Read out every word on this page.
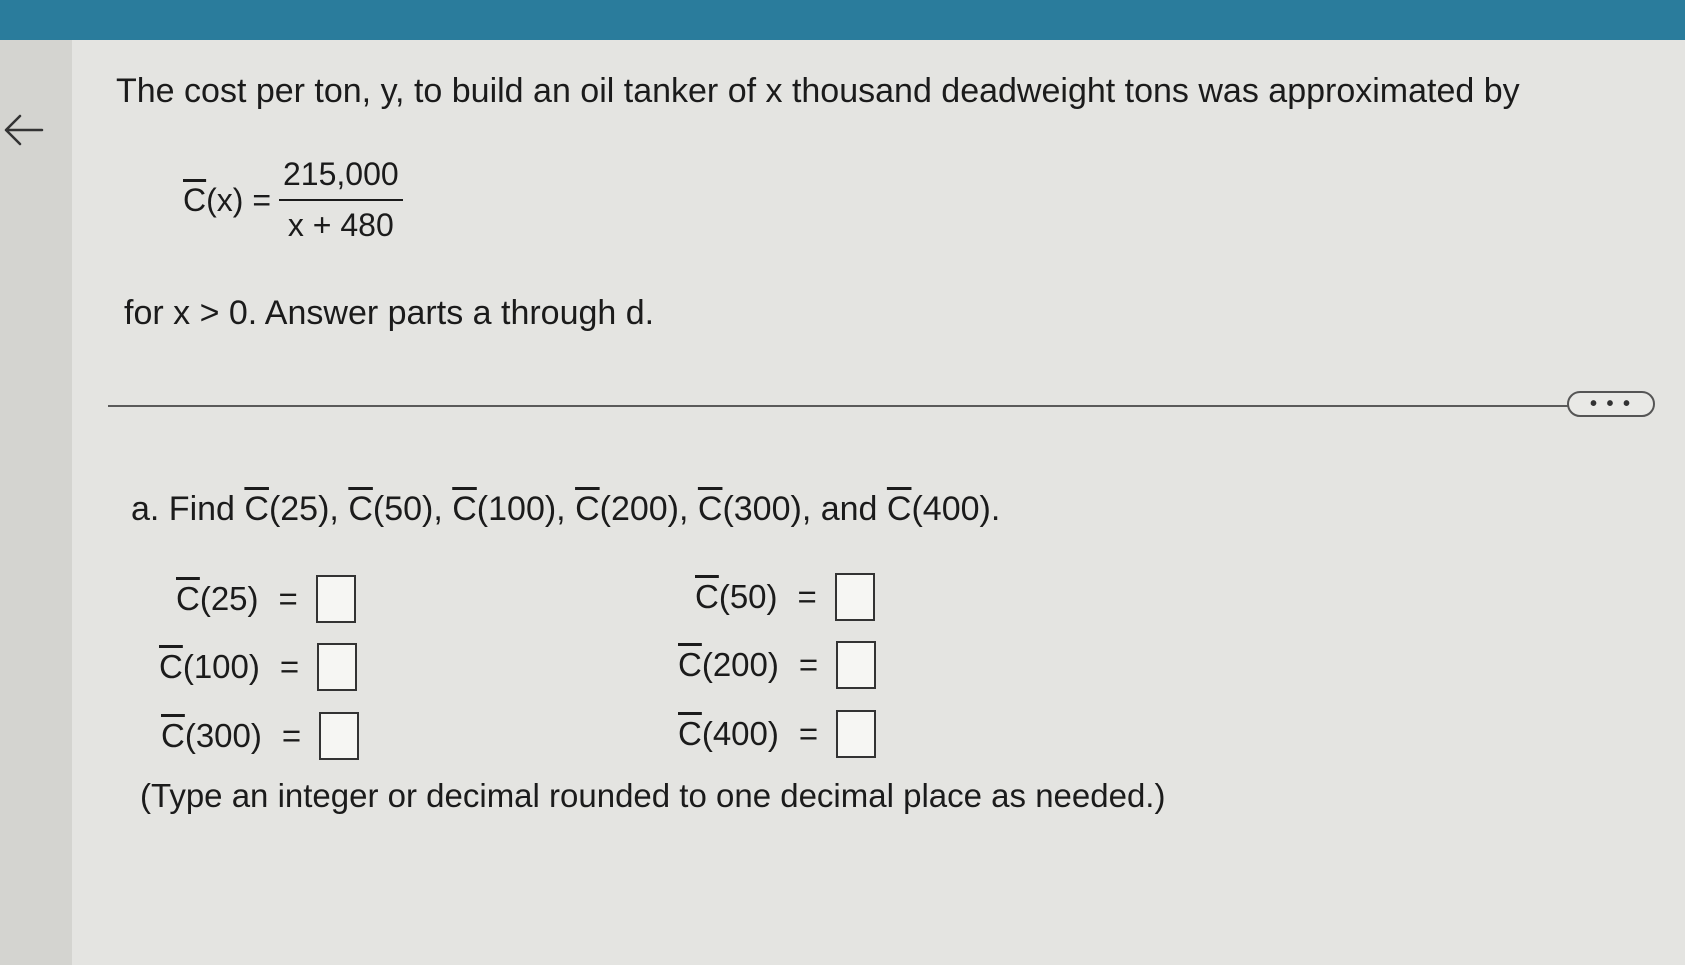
The cost per ton, y, to build an oil tanker of x thousand deadweight tons was approximated by
$\overline{C}$ $(x) = \frac{215,000}{x + 480}$
for x > 0. Answer parts a through d.
• • •
a. Find $\overline{C}(25)$, $\overline{C}(50)$, $\overline{C}(100)$, $\overline{C}(200)$, $\overline{C}(300)$, and $\overline{C}(400)$.
$\overline{C}$ (25) =	$\overline{C}$ (50) =
$\overline{C}$ (100) =	$\overline{C}$ (200) =
$\overline{C}$ (300) =	$\overline{C}$ (400) =
(Type an integer or decimal rounded to one decimal place as needed.)
